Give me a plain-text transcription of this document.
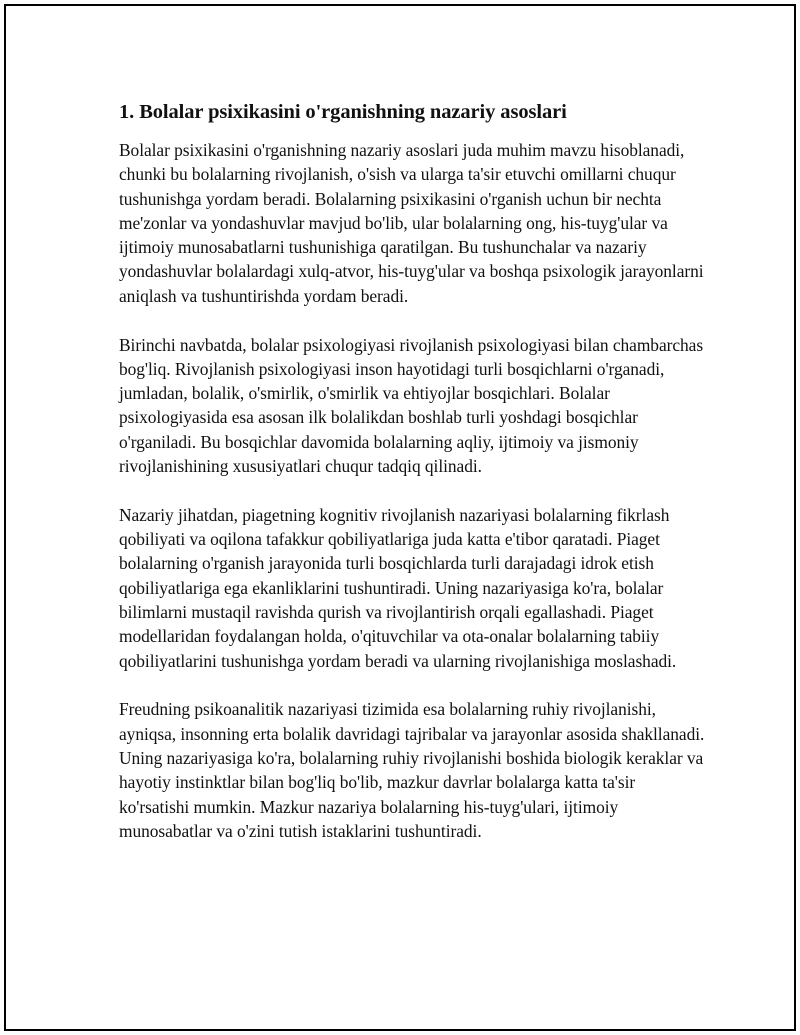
1. Bolalar psixikasini o'rganishning nazariy asoslari

Bolalar psixikasini o'rganishning nazariy asoslari juda muhim mavzu hisoblanadi, chunki bu bolalarning rivojlanish, o'sish va ularga ta'sir etuvchi omillarni chuqur tushunishga yordam beradi. Bolalarning psixikasini o'rganish uchun bir nechta me'zonlar va yondashuvlar mavjud bo'lib, ular bolalarning ong, his-tuyg'ular va ijtimoiy munosabatlarni tushunishiga qaratilgan. Bu tushunchalar va nazariy yondashuvlar bolalardagi xulq-atvor, his-tuyg'ular va boshqa psixologik jarayonlarni aniqlash va tushuntirishda yordam beradi.

Birinchi navbatda, bolalar psixologiyasi rivojlanish psixologiyasi bilan chambarchas bog'liq. Rivojlanish psixologiyasi inson hayotidagi turli bosqichlarni o'rganadi, jumladan, bolalik, o'smirlik, o'smirlik va ehtiyojlar bosqichlari. Bolalar psixologiyasida esa asosan ilk bolalikdan boshlab turli yoshdagi bosqichlar o'rganiladi. Bu bosqichlar davomida bolalarning aqliy, ijtimoiy va jismoniy rivojlanishining xususiyatlari chuqur tadqiq qilinadi.

Nazariy jihatdan, piagetning kognitiv rivojlanish nazariyasi bolalarning fikrlash qobiliyati va oqilona tafakkur qobiliyatlariga juda katta e'tibor qaratadi. Piaget bolalarning o'rganish jarayonida turli bosqichlarda turli darajadagi idrok etish qobiliyatlariga ega ekanliklarini tushuntiradi. Uning nazariyasiga ko'ra, bolalar bilimlarni mustaqil ravishda qurish va rivojlantirish orqali egallashadi. Piaget modellaridan foydalangan holda, o'qituvchilar va ota-onalar bolalarning tabiiy qobiliyatlarini tushunishga yordam beradi va ularning rivojlanishiga moslashadi.

Freudning psikoanalitik nazariyasi tizimida esa bolalarning ruhiy rivojlanishi, ayniqsa, insonning erta bolalik davridagi tajribalar va jarayonlar asosida shakllanadi. Uning nazariyasiga ko'ra, bolalarning ruhiy rivojlanishi boshida biologik keraklar va hayotiy instinktlar bilan bog'liq bo'lib, mazkur davrlar bolalarga katta ta'sir ko'rsatishi mumkin. Mazkur nazariya bolalarning his-tuyg'ulari, ijtimoiy munosabatlar va o'zini tutish istaklarini tushuntiradi.
